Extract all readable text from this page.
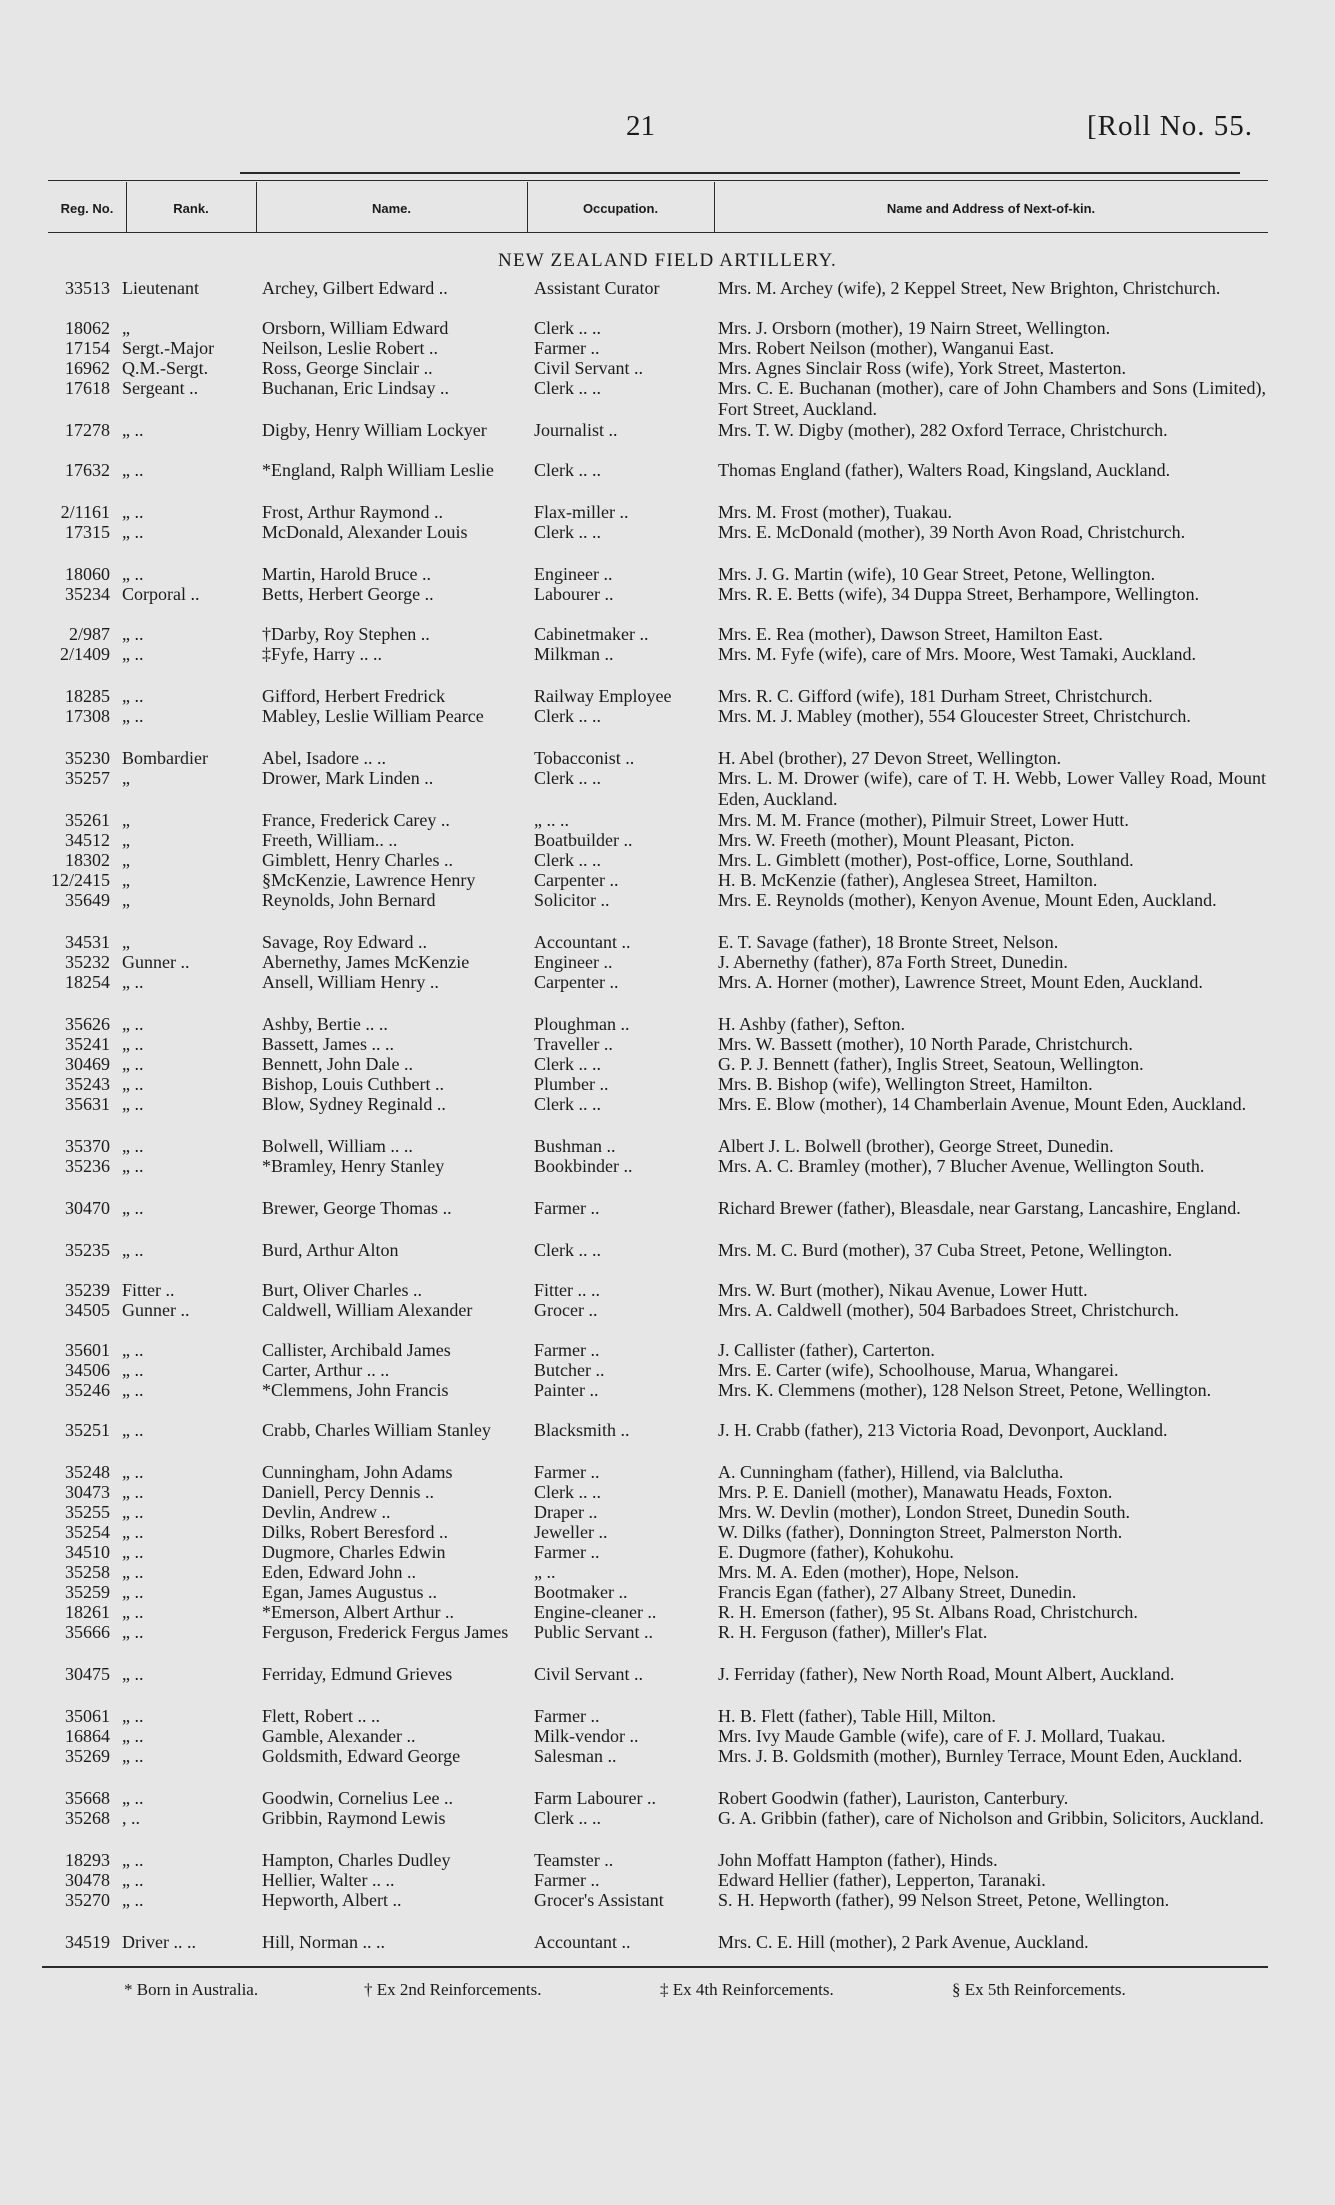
21	[Roll No. 55.
Reg. No.	Rank.	Name.	Occupation.	Name and Address of Next-of-kin.
NEW ZEALAND FIELD ARTILLERY.
33513 Lieutenant	Archey, Gilbert Edward ..	Assistant Curator	Mrs. M. Archey (wife), 2 Keppel Street, New Brighton, Christchurch.
18062 „	Orsborn, William Edward	Clerk .. ..	Mrs. J. Orsborn (mother), 19 Nairn Street, Wellington.
17154 Sergt.-Major	Neilson, Leslie Robert ..	Farmer ..	Mrs. Robert Neilson (mother), Wanganui East.
16962 Q.M.-Sergt.	Ross, George Sinclair ..	Civil Servant ..	Mrs. Agnes Sinclair Ross (wife), York Street, Masterton.
17618 Sergeant ..	Buchanan, Eric Lindsay ..	Clerk .. ..	Mrs. C. E. Buchanan (mother), care of John Chambers and Sons (Limited), Fort Street, Auckland.
17278 „ ..	Digby, Henry William Lockyer	Journalist ..	Mrs. T. W. Digby (mother), 282 Oxford Terrace, Christchurch.
17632 „ ..	*England, Ralph William Leslie	Clerk .. ..	Thomas England (father), Walters Road, Kingsland, Auckland.
2/1161 „ ..	Frost, Arthur Raymond ..	Flax-miller ..	Mrs. M. Frost (mother), Tuakau.
17315 „ ..	McDonald, Alexander Louis	Clerk .. ..	Mrs. E. McDonald (mother), 39 North Avon Road, Christchurch.
18060 „ ..	Martin, Harold Bruce ..	Engineer ..	Mrs. J. G. Martin (wife), 10 Gear Street, Petone, Wellington.
35234 Corporal ..	Betts, Herbert George ..	Labourer ..	Mrs. R. E. Betts (wife), 34 Duppa Street, Berhampore, Wellington.
2/987 „ ..	†Darby, Roy Stephen ..	Cabinetmaker ..	Mrs. E. Rea (mother), Dawson Street, Hamilton East.
2/1409 „ ..	‡Fyfe, Harry .. ..	Milkman ..	Mrs. M. Fyfe (wife), care of Mrs. Moore, West Tamaki, Auckland.
18285 „ ..	Gifford, Herbert Fredrick	Railway Employee	Mrs. R. C. Gifford (wife), 181 Durham Street, Christchurch.
17308 „ ..	Mabley, Leslie William Pearce	Clerk .. ..	Mrs. M. J. Mabley (mother), 554 Gloucester Street, Christchurch.
35230 Bombardier	Abel, Isadore .. ..	Tobacconist ..	H. Abel (brother), 27 Devon Street, Wellington.
35257 „	Drower, Mark Linden ..	Clerk .. ..	Mrs. L. M. Drower (wife), care of T. H. Webb, Lower Valley Road, Mount Eden, Auckland.
35261 „	France, Frederick Carey ..	„ .. ..	Mrs. M. M. France (mother), Pilmuir Street, Lower Hutt.
34512 „	Freeth, William.. ..	Boatbuilder ..	Mrs. W. Freeth (mother), Mount Pleasant, Picton.
18302 „	Gimblett, Henry Charles ..	Clerk .. ..	Mrs. L. Gimblett (mother), Post-office, Lorne, Southland.
12/2415 „	§McKenzie, Lawrence Henry	Carpenter ..	H. B. McKenzie (father), Anglesea Street, Hamilton.
35649 „	Reynolds, John Bernard	Solicitor ..	Mrs. E. Reynolds (mother), Kenyon Avenue, Mount Eden, Auckland.
34531 „	Savage, Roy Edward ..	Accountant ..	E. T. Savage (father), 18 Bronte Street, Nelson.
35232 Gunner ..	Abernethy, James McKenzie	Engineer ..	J. Abernethy (father), 87a Forth Street, Dunedin.
18254 „ ..	Ansell, William Henry ..	Carpenter ..	Mrs. A. Horner (mother), Lawrence Street, Mount Eden, Auckland.
35626 „ ..	Ashby, Bertie .. ..	Ploughman ..	H. Ashby (father), Sefton.
35241 „ ..	Bassett, James .. ..	Traveller ..	Mrs. W. Bassett (mother), 10 North Parade, Christchurch.
30469 „ ..	Bennett, John Dale ..	Clerk .. ..	G. P. J. Bennett (father), Inglis Street, Seatoun, Wellington.
35243 „ ..	Bishop, Louis Cuthbert ..	Plumber ..	Mrs. B. Bishop (wife), Wellington Street, Hamilton.
35631 „ ..	Blow, Sydney Reginald ..	Clerk .. ..	Mrs. E. Blow (mother), 14 Chamberlain Avenue, Mount Eden, Auckland.
35370 „ ..	Bolwell, William .. ..	Bushman ..	Albert J. L. Bolwell (brother), George Street, Dunedin.
35236 „ ..	*Bramley, Henry Stanley	Bookbinder ..	Mrs. A. C. Bramley (mother), 7 Blucher Avenue, Wellington South.
30470 „ ..	Brewer, George Thomas ..	Farmer ..	Richard Brewer (father), Bleasdale, near Garstang, Lancashire, England.
35235 „ ..	Burd, Arthur Alton	Clerk .. ..	Mrs. M. C. Burd (mother), 37 Cuba Street, Petone, Wellington.
35239 Fitter ..	Burt, Oliver Charles ..	Fitter .. ..	Mrs. W. Burt (mother), Nikau Avenue, Lower Hutt.
34505 Gunner ..	Caldwell, William Alexander	Grocer ..	Mrs. A. Caldwell (mother), 504 Barbadoes Street, Christchurch.
35601 „ ..	Callister, Archibald James	Farmer ..	J. Callister (father), Carterton.
34506 „ ..	Carter, Arthur .. ..	Butcher ..	Mrs. E. Carter (wife), Schoolhouse, Marua, Whangarei.
35246 „ ..	*Clemmens, John Francis	Painter ..	Mrs. K. Clemmens (mother), 128 Nelson Street, Petone, Wellington.
35251 „ ..	Crabb, Charles William Stanley	Blacksmith ..	J. H. Crabb (father), 213 Victoria Road, Devonport, Auckland.
35248 „ ..	Cunningham, John Adams	Farmer ..	A. Cunningham (father), Hillend, via Balclutha.
30473 „ ..	Daniell, Percy Dennis ..	Clerk .. ..	Mrs. P. E. Daniell (mother), Manawatu Heads, Foxton.
35255 „ ..	Devlin, Andrew ..	Draper ..	Mrs. W. Devlin (mother), London Street, Dunedin South.
35254 „ ..	Dilks, Robert Beresford ..	Jeweller ..	W. Dilks (father), Donnington Street, Palmerston North.
34510 „ ..	Dugmore, Charles Edwin	Farmer ..	E. Dugmore (father), Kohukohu.
35258 „ ..	Eden, Edward John ..	„ ..	Mrs. M. A. Eden (mother), Hope, Nelson.
35259 „ ..	Egan, James Augustus ..	Bootmaker ..	Francis Egan (father), 27 Albany Street, Dunedin.
18261 „ ..	*Emerson, Albert Arthur ..	Engine-cleaner ..	R. H. Emerson (father), 95 St. Albans Road, Christchurch.
35666 „ ..	Ferguson, Frederick Fergus James	Public Servant ..	R. H. Ferguson (father), Miller's Flat.
30475 „ ..	Ferriday, Edmund Grieves	Civil Servant ..	J. Ferriday (father), New North Road, Mount Albert, Auckland.
35061 „ ..	Flett, Robert .. ..	Farmer ..	H. B. Flett (father), Table Hill, Milton.
16864 „ ..	Gamble, Alexander ..	Milk-vendor ..	Mrs. Ivy Maude Gamble (wife), care of F. J. Mollard, Tuakau.
35269 „ ..	Goldsmith, Edward George	Salesman ..	Mrs. J. B. Goldsmith (mother), Burnley Terrace, Mount Eden, Auckland.
35668 „ ..	Goodwin, Cornelius Lee ..	Farm Labourer ..	Robert Goodwin (father), Lauriston, Canterbury.
35268 , ..	Gribbin, Raymond Lewis	Clerk .. ..	G. A. Gribbin (father), care of Nicholson and Gribbin, Solicitors, Auckland.
18293 „ ..	Hampton, Charles Dudley	Teamster ..	John Moffatt Hampton (father), Hinds.
30478 „ ..	Hellier, Walter .. ..	Farmer ..	Edward Hellier (father), Lepperton, Taranaki.
35270 „ ..	Hepworth, Albert ..	Grocer's Assistant	S. H. Hepworth (father), 99 Nelson Street, Petone, Wellington.
34519 Driver .. ..	Hill, Norman .. ..	Accountant ..	Mrs. C. E. Hill (mother), 2 Park Avenue, Auckland.
* Born in Australia.	† Ex 2nd Reinforcements.	‡ Ex 4th Reinforcements.	§ Ex 5th Reinforcements.
